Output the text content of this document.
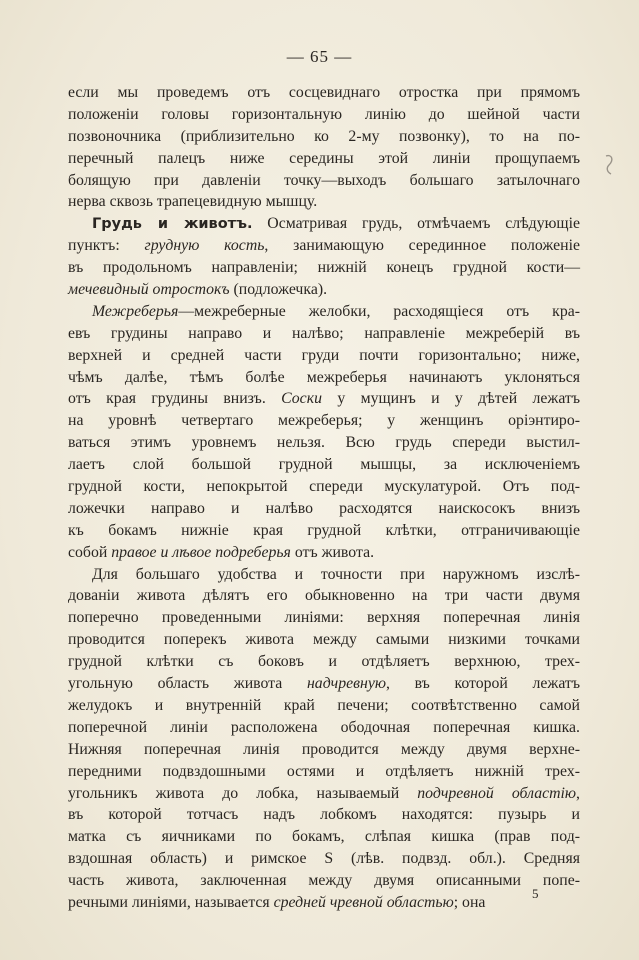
— 65 —
если мы проведемъ отъ сосцевиднаго отростка при прямомъ
положеніи головы горизонтальную линію до шейной части
позвоночника (приблизительно ко 2-му позвонку), то на по-
перечный палецъ ниже середины этой линіи прощупаемъ
болящую при давленіи точку—выходъ большаго затылочнаго
нерва сквозь трапецевидную мышцу.
Грудь и животъ. Осматривая грудь, отмѣчаемъ слѣдующіе
пунктъ: грудную кость, занимающую серединное положеніе
въ продольномъ направленіи; нижній конецъ грудной кости—
мечевидный отростокъ (подложечка).
Межреберья—межреберные желобки, расходящіеся отъ кра-
евъ грудины направо и налѣво; направленіе межреберій въ
верхней и средней части груди почти горизонтально; ниже,
чѣмъ далѣе, тѣмъ болѣе межреберья начинаютъ уклоняться
отъ края грудины внизъ. Соски у мущинъ и у дѣтей лежатъ
на уровнѣ четвертаго межреберья; у женщинъ оріэнтиро-
ваться этимъ уровнемъ нельзя. Всю грудь спереди выстил-
лаетъ слой большой грудной мышцы, за исключеніемъ
грудной кости, непокрытой спереди мускулатурой. Отъ под-
ложечки направо и налѣво расходятся наискосокъ внизъ
къ бокамъ нижніе края грудной клѣтки, отграничивающіе
собой правое и лѣвое подреберья отъ живота.
Для большаго удобства и точности при наружномъ изслѣ-
дованіи живота дѣлятъ его обыкновенно на три части двумя
поперечно проведенными линіями: верхняя поперечная линія
проводится поперекъ живота между самыми низкими точками
грудной клѣтки съ боковъ и отдѣляетъ верхнюю, трех-
угольную область живота надчревную, въ которой лежатъ
желудокъ и внутренній край печени; соотвѣтственно самой
поперечной линіи расположена ободочная поперечная кишка.
Нижняя поперечная линія проводится между двумя верхне-
передними подвздошными остями и отдѣляетъ нижній трех-
угольникъ живота до лобка, называемый подчревной областію,
въ которой тотчасъ надъ лобкомъ находятся: пузырь и
матка съ яичниками по бокамъ, слѣпая кишка (прав под-
вздошная область) и римское S (лѣв. подвзд. обл.). Средняя
часть живота, заключенная между двумя описанными попе-
речными линіями, называется средней чревной областью; она
5
